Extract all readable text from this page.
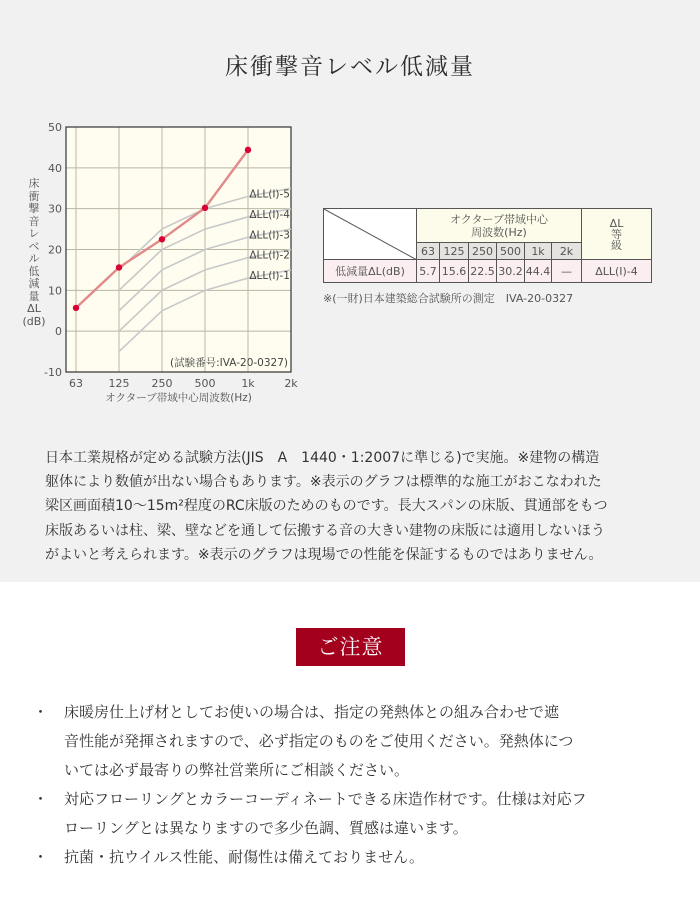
床衝撃音レベル低減量
床
衝
撃
音
レ
ベ
ル
低
減
量
ΔL
(dB)
50
40
30
20
10
0
-10
63 125 250 500 1k	2k
ΔLL(I)-5
ΔLL(I)-4
ΔLL(I)-3
ΔLL(I)-2
ΔLL(I)-1
(試験番号:IVA-20-0327)
オクターブ帯域中心周波数(Hz)
	オクターブ帯域中心
周波数(Hz)						ΔL
等
級
	63	125	250	500	1k	2k	
低減量ΔL(dB)	5.7	15.6	22.5	30.2	44.4	—	ΔLL(I)-4
※(一財)日本建築総合試験所の測定　IVA-20-0327

日本工業規格が定める試験方法(JIS　A　1440・1:2007に準じる)で実施。※建物の構造

躯体により数値が出ない場合もあります。※表示のグラフは標準的な施工がおこなわれた

梁区画面積10〜15m²程度のRC床版のためのものです。長大スパンの床版、貫通部をもつ

床版あるいは柱、梁、壁などを通して伝搬する音の大きい建物の床版には適用しないほう

がよいと考えられます。※表示のグラフは現場での性能を保証するものではありません。

ご注意
・ 床暖房仕上げ材としてお使いの場合は、指定の発熱体との組み合わせで遮
音性能が発揮されますので、必ず指定のものをご使用ください。発熱体につ
いては必ず最寄りの弊社営業所にご相談ください。
・ 対応フローリングとカラーコーディネートできる床造作材です。仕様は対応フ
ローリングとは異なりますので多少色調、質感は違います。
・ 抗菌・抗ウイルス性能、耐傷性は備えておりません。
